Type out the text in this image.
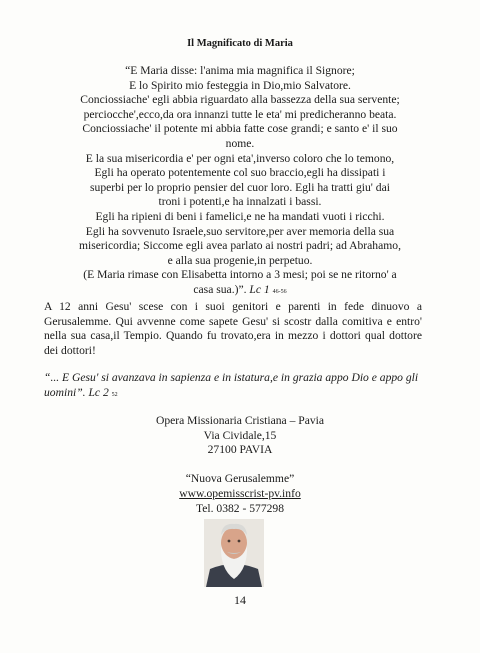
Il Magnificato di Maria
“E Maria disse: l'anima mia magnifica il Signore;
E lo Spirito mio festeggia in Dio,mio Salvatore.
Conciossiache' egli abbia riguardato alla bassezza della sua servente;
percioсche',ecco,da ora innanzi tutte le eta' mi predicheranno beata.
Conciossiache' il potente mi abbia fatte cose grandi; e santo e' il suo
nome.
E la sua misericordia e' per ogni eta',inverso coloro che lo temono,
Egli ha operato potentemente col suo braccio,egli ha dissipati i
superbi per lo proprio pensier del cuor loro. Egli ha tratti giu' dai
troni i potenti,e ha innalzati i bassi.
Egli ha ripieni di beni i famelici,e ne ha mandati vuoti i ricchi.
Egli ha sovvenuto Israele,suo servitore,per aver memoria della sua
misericordia; Siccome egli avea parlato ai nostri padri; ad Abrahamo,
e alla sua progenie,in perpetuo.
(E Maria rimase con Elisabetta intorno a 3 mesi; poi se ne ritorno' a
casa sua.)”. Lc 1 46-56
A 12 anni Gesu' scese con i suoi genitori e parenti in fede dinuovo a Gerusalemme. Qui avvenne come sapete Gesu' si scostr dalla comitiva e entro' nella sua casa,il Tempio. Quando fu trovato,era in mezzo i dottori qual dottore dei dottori!
“... E Gesu' si avanzava in sapienza e in istatura,e in grazia appo Dio e appo gli uomini”. Lc 2 52
Opera Missionaria Cristiana – Pavia
Via Cividale,15
27100 PAVIA
“Nuova Gerusalemme”
www.opemisscrist-pv.info
Tel. 0382 - 577298
14
